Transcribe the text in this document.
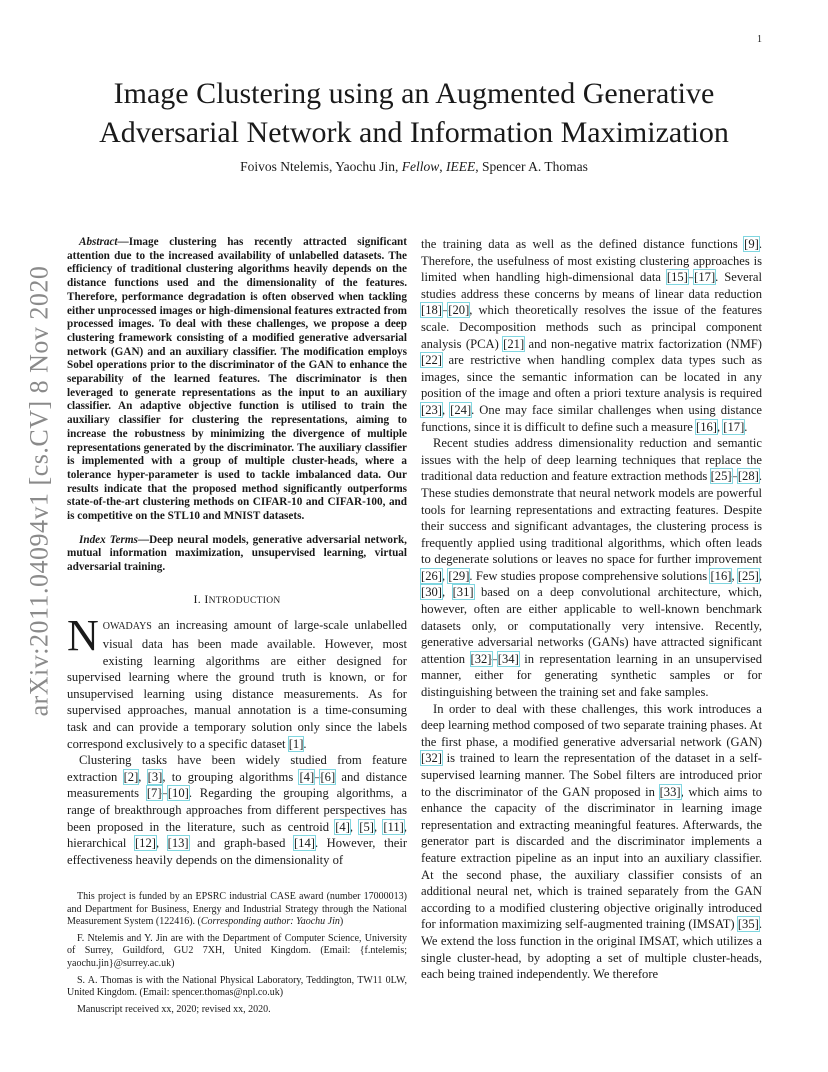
1
arXiv:2011.04094v1 [cs.CV] 8 Nov 2020
Image Clustering using an Augmented Generative
Adversarial Network and Information Maximization
Foivos Ntelemis, Yaochu Jin, Fellow, IEEE, Spencer A. Thomas

Abstract—Image clustering has recently attracted significant attention due to the increased availability of unlabelled datasets. The efficiency of traditional clustering algorithms heavily depends on the distance functions used and the dimensionality of the features. Therefore, performance degradation is often observed when tackling either unprocessed images or high-dimensional features extracted from processed images. To deal with these challenges, we propose a deep clustering framework consisting of a modified generative adversarial network (GAN) and an auxiliary classifier. The modification employs Sobel operations prior to the discriminator of the GAN to enhance the separability of the learned features. The discriminator is then leveraged to generate representations as the input to an auxiliary classifier. An adaptive objective function is utilised to train the auxiliary classifier for clustering the representations, aiming to increase the robustness by minimizing the divergence of multiple representations generated by the discriminator. The auxiliary classifier is implemented with a group of multiple cluster-heads, where a tolerance hyper-parameter is used to tackle imbalanced data. Our results indicate that the proposed method significantly outperforms state-of-the-art clustering methods on CIFAR-10 and CIFAR-100, and is competitive on the STL10 and MNIST datasets.

Index Terms—Deep neural models, generative adversarial network, mutual information maximization, unsupervised learning, virtual adversarial training.

I. INTRODUCTION

NOWADAYS an increasing amount of large-scale unlabelled visual data has been made available. However, most existing learning algorithms are either designed for supervised learning where the ground truth is known, or for unsupervised learning using distance measurements. As for supervised approaches, manual annotation is a time-consuming task and can provide a temporary solution only since the labels correspond exclusively to a specific dataset [1].

Clustering tasks have been widely studied from feature extraction [2], [3], to grouping algorithms [4]–[6] and distance measurements [7]–[10]. Regarding the grouping algorithms, a range of breakthrough approaches from different perspectives has been proposed in the literature, such as centroid [4], [5], [11], hierarchical [12], [13] and graph-based [14]. However, their effectiveness heavily depends on the dimensionality of

This project is funded by an EPSRC industrial CASE award (number 17000013) and Department for Business, Energy and Industrial Strategy through the National Measurement System (122416). (Corresponding author: Yaochu Jin)

F. Ntelemis and Y. Jin are with the Department of Computer Science, University of Surrey, Guildford, GU2 7XH, United Kingdom. (Email: {f.ntelemis; yaochu.jin}@surrey.ac.uk)

S. A. Thomas is with the National Physical Laboratory, Teddington, TW11 0LW, United Kingdom. (Email: spencer.thomas@npl.co.uk)

Manuscript received xx, 2020; revised xx, 2020.

the training data as well as the defined distance functions [9]. Therefore, the usefulness of most existing clustering approaches is limited when handling high-dimensional data [15]–[17]. Several studies address these concerns by means of linear data reduction [18]–[20], which theoretically resolves the issue of the features scale. Decomposition methods such as principal component analysis (PCA) [21] and non-negative matrix factorization (NMF) [22] are restrictive when handling complex data types such as images, since the semantic information can be located in any position of the image and often a priori texture analysis is required [23], [24]. One may face similar challenges when using distance functions, since it is difficult to define such a measure [16], [17].

Recent studies address dimensionality reduction and semantic issues with the help of deep learning techniques that replace the traditional data reduction and feature extraction methods [25]–[28]. These studies demonstrate that neural network models are powerful tools for learning representations and extracting features. Despite their success and significant advantages, the clustering process is frequently applied using traditional algorithms, which often leads to degenerate solutions or leaves no space for further improvement [26], [29]. Few studies propose comprehensive solutions [16], [25], [30], [31] based on a deep convolutional architecture, which, however, often are either applicable to well-known benchmark datasets only, or computationally very intensive. Recently, generative adversarial networks (GANs) have attracted significant attention [32]–[34] in representation learning in an unsupervised manner, either for generating synthetic samples or for distinguishing between the training set and fake samples.

In order to deal with these challenges, this work introduces a deep learning method composed of two separate training phases. At the first phase, a modified generative adversarial network (GAN) [32] is trained to learn the representation of the dataset in a self-supervised learning manner. The Sobel filters are introduced prior to the discriminator of the GAN proposed in [33], which aims to enhance the capacity of the discriminator in learning image representation and extracting meaningful features. Afterwards, the generator part is discarded and the discriminator implements a feature extraction pipeline as an input into an auxiliary classifier. At the second phase, the auxiliary classifier consists of an additional neural net, which is trained separately from the GAN according to a modified clustering objective originally introduced for information maximizing self-augmented training (IMSAT) [35]. We extend the loss function in the original IMSAT, which utilizes a single cluster-head, by adopting a set of multiple cluster-heads, each being trained independently. We therefore
